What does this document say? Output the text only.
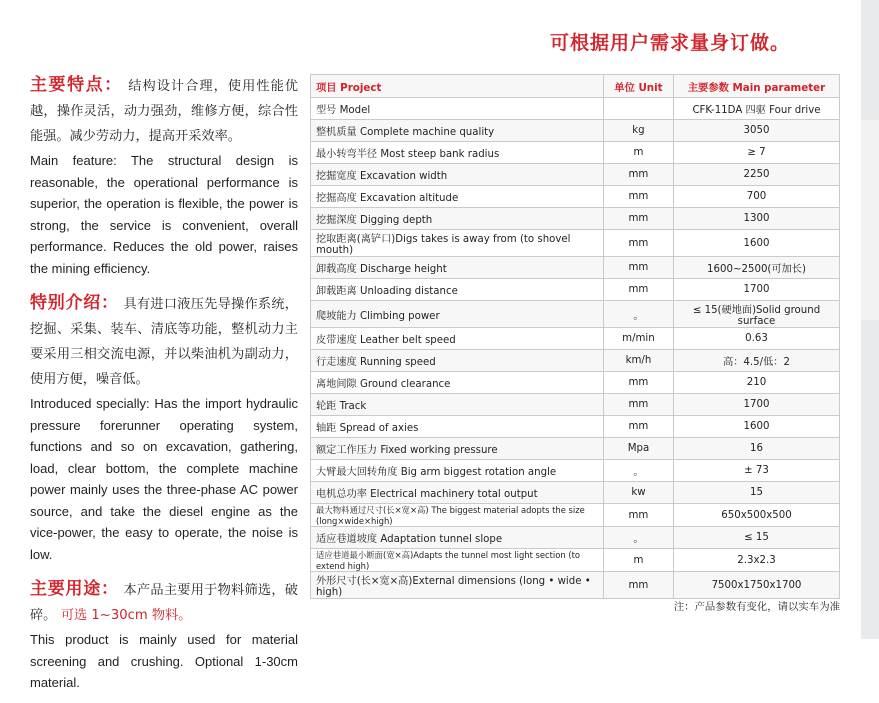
可根据用户需求量身订做。
主要特点： 结构设计合理，使用性能优越，操作灵活，动力强劲，维修方便，综合性能强。减少劳动力，提高开采效率。
Main feature: The structural design is reasonable, the operational performance is superior, the operation is flexible, the power is strong, the service is convenient, overall performance. Reduces the old power, raises the mining efficiency.
特别介绍： 具有进口液压先导操作系统，挖掘、采集、装车、清底等功能，整机动力主要采用三相交流电源，并以柴油机为副动力，使用方便，噪音低。
Introduced specially: Has the import hydraulic pressure forerunner operating system, functions and so on excavation, gathering, load, clear bottom, the complete machine power mainly uses the three-phase AC power source, and take the diesel engine as the vice-power, the easy to operate, the noise is low.
主要用途： 本产品主要用于物料筛选，破碎。 可选 1~30cm 物料。
This product is mainly used for material screening and crushing. Optional 1-30cm material.
项目 Project	单位 Unit	主要参数 Main parameter
型号 Model		CFK-11DA 四驱 Four drive
整机质量 Complete machine quality	kg	3050
最小转弯半径 Most steep bank radius	m	≥ 7
挖掘宽度 Excavation width	mm	2250
挖掘高度 Excavation altitude	mm	700
挖掘深度 Digging depth	mm	1300
挖取距离(离铲口)Digs takes is away from (to shovel mouth)	mm	1600
卸载高度 Discharge height	mm	1600~2500(可加长)
卸载距离 Unloading distance	mm	1700
爬坡能力 Climbing power	。	≤ 15(硬地面)Solid ground surface
皮带速度 Leather belt speed	m/min	0.63
行走速度 Running speed	km/h	高：4.5/低：2
离地间隙 Ground clearance	mm	210
轮距 Track	mm	1700
轴距 Spread of axies	mm	1600
额定工作压力 Fixed working pressure	Mpa	16
大臂最大回转角度 Big arm biggest rotation angle	。	± 73
电机总功率 Electrical machinery total output	kw	15
最大物料通过尺寸(长×宽×高) The biggest material adopts the size (long×wide×high)	mm	650x500x500
适应巷道坡度 Adaptation tunnel slope	。	≤ 15
适应巷道最小断面(宽×高)Adapts the tunnel most light section (to extend high)	m	2.3x2.3
外形尺寸(长×宽×高)External dimensions (long • wide • high)	mm	7500x1750x1700
注：产品参数有变化，请以实车为准
